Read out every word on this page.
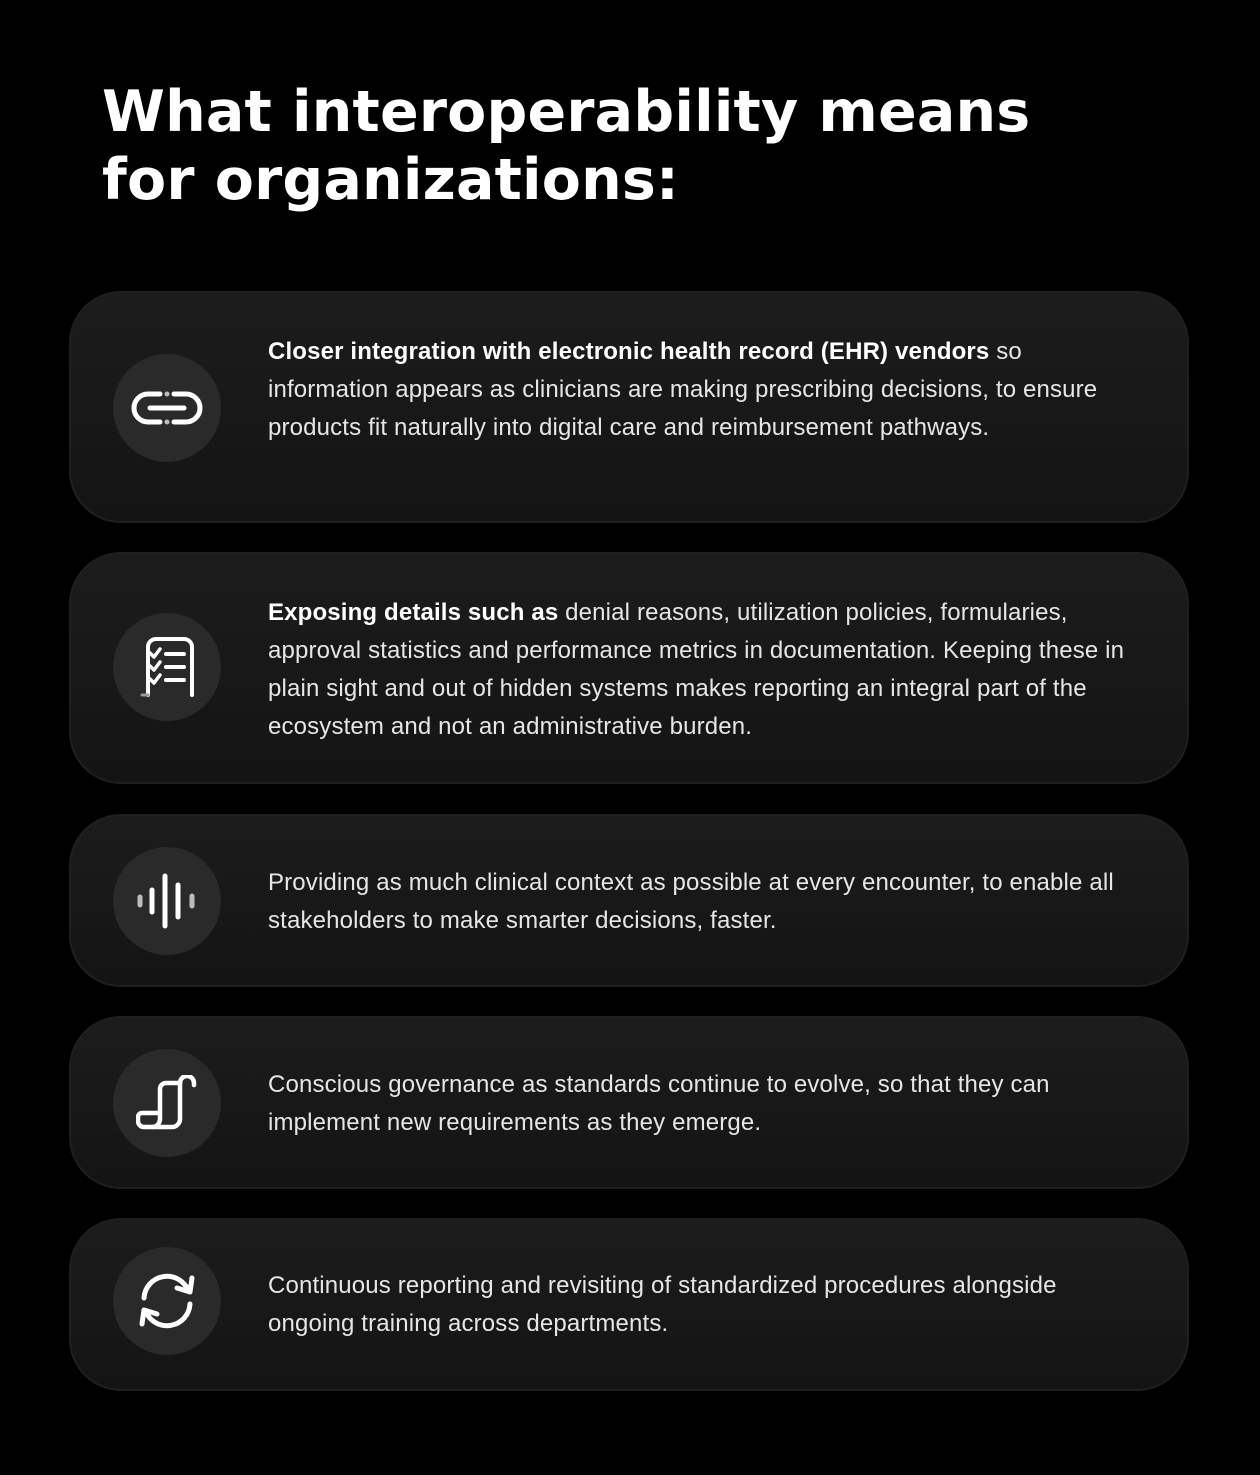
What interoperability means
for organizations:

Closer integration with electronic health record (EHR) vendors so information appears as clinicians are making prescribing decisions, to ensure products fit naturally into digital care and reimbursement pathways.

Exposing details such as denial reasons, utilization policies, formularies, approval statistics and performance metrics in documentation. Keeping these in plain sight and out of hidden systems makes reporting an integral part of the ecosystem and not an administrative burden.

Providing as much clinical context as possible at every encounter, to enable all stakeholders to make smarter decisions, faster.

Conscious governance as standards continue to evolve, so that they can implement new requirements as they emerge.

Continuous reporting and revisiting of standardized procedures alongside ongoing training across departments.
